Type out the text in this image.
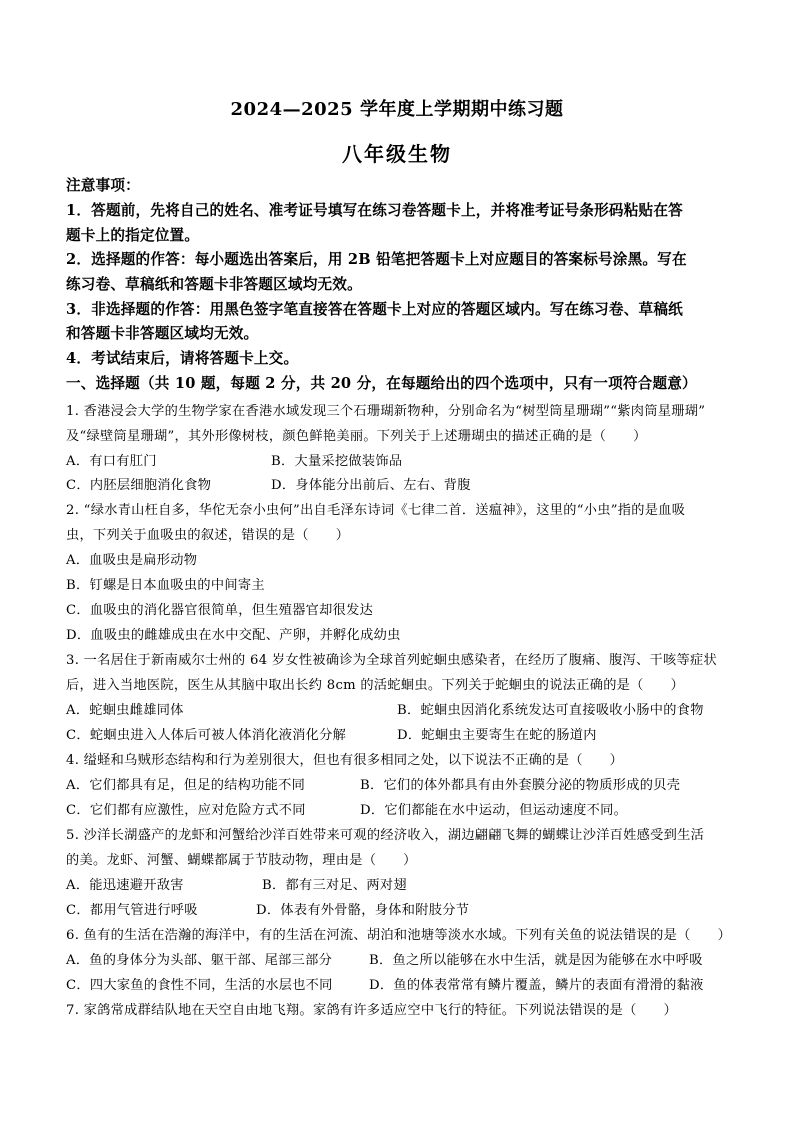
2024—2025 学年度上学期期中练习题
八年级生物
注意事项：
1．答题前，先将自己的姓名、准考证号填写在练习卷答题卡上，并将准考证号条形码粘贴在答
题卡上的指定位置。
2．选择题的作答：每小题选出答案后，用 2B 铅笔把答题卡上对应题目的答案标号涂黑。写在
练习卷、草稿纸和答题卡非答题区域均无效。
3．非选择题的作答：用黑色签字笔直接答在答题卡上对应的答题区域内。写在练习卷、草稿纸
和答题卡非答题区域均无效。
4．考试结束后，请将答题卡上交。
一、选择题（共 10 题，每题 2 分，共 20 分，在每题给出的四个选项中，只有一项符合题意）
1. 香港浸会大学的生物学家在香港水域发现三个石珊瑚新物种，分别命名为“树型筒星珊瑚”“紫肉筒星珊瑚”
及“绿壁筒星珊瑚”，其外形像树枝，颜色鲜艳美丽。下列关于上述珊瑚虫的描述正确的是（　　）
A．有口有肛门	B．大量采挖做装饰品
C．内胚层细胞消化食物	D．身体能分出前后、左右、背腹
2. “绿水青山枉自多，华佗无奈小虫何”出自毛泽东诗词《七律二首．送瘟神》，这里的“小虫”指的是血吸
虫，下列关于血吸虫的叙述，错误的是（　　）
A．血吸虫是扁形动物
B．钉螺是日本血吸虫的中间寄主
C．血吸虫的消化器官很简单，但生殖器官却很发达
D．血吸虫的雌雄成虫在水中交配、产卵，并孵化成幼虫
3. 一名居住于新南威尔士州的 64 岁女性被确诊为全球首列蛇蛔虫感染者，在经历了腹痛、腹泻、干咳等症状
后，进入当地医院，医生从其脑中取出长约 8cm 的活蛇蛔虫。下列关于蛇蛔虫的说法正确的是（　　）
A．蛇蛔虫雌雄同体	B．蛇蛔虫因消化系统发达可直接吸收小肠中的食物
C．蛇蛔虫进入人体后可被人体消化液消化分解	D．蛇蛔虫主要寄生在蛇的肠道内
4. 缢蛏和乌贼形态结构和行为差别很大，但也有很多相同之处，以下说法不正确的是（　　）
A．它们都具有足，但足的结构功能不同	B．它们的体外都具有由外套膜分泌的物质形成的贝壳
C．它们都有应激性，应对危险方式不同	D．它们都能在水中运动，但运动速度不同。
5. 沙洋长湖盛产的龙虾和河蟹给沙洋百姓带来可观的经济收入，湖边翩翩飞舞的蝴蝶让沙洋百姓感受到生活
的美。龙虾、河蟹、蝴蝶都属于节肢动物，理由是（　　）
A．能迅速避开敌害	B．都有三对足、两对翅
C．都用气管进行呼吸	D．体表有外骨骼，身体和附肢分节
6. 鱼有的生活在浩瀚的海洋中，有的生活在河流、胡泊和池塘等淡水水域。下列有关鱼的说法错误的是（　　）
A．鱼的身体分为头部、躯干部、尾部三部分	B．鱼之所以能够在水中生活，就是因为能够在水中呼吸
C．四大家鱼的食性不同，生活的水层也不同	D．鱼的体表常常有鳞片覆盖，鳞片的表面有滑滑的黏液
7. 家鸽常成群结队地在天空自由地飞翔。家鸽有许多适应空中飞行的特征。下列说法错误的是（　　）
